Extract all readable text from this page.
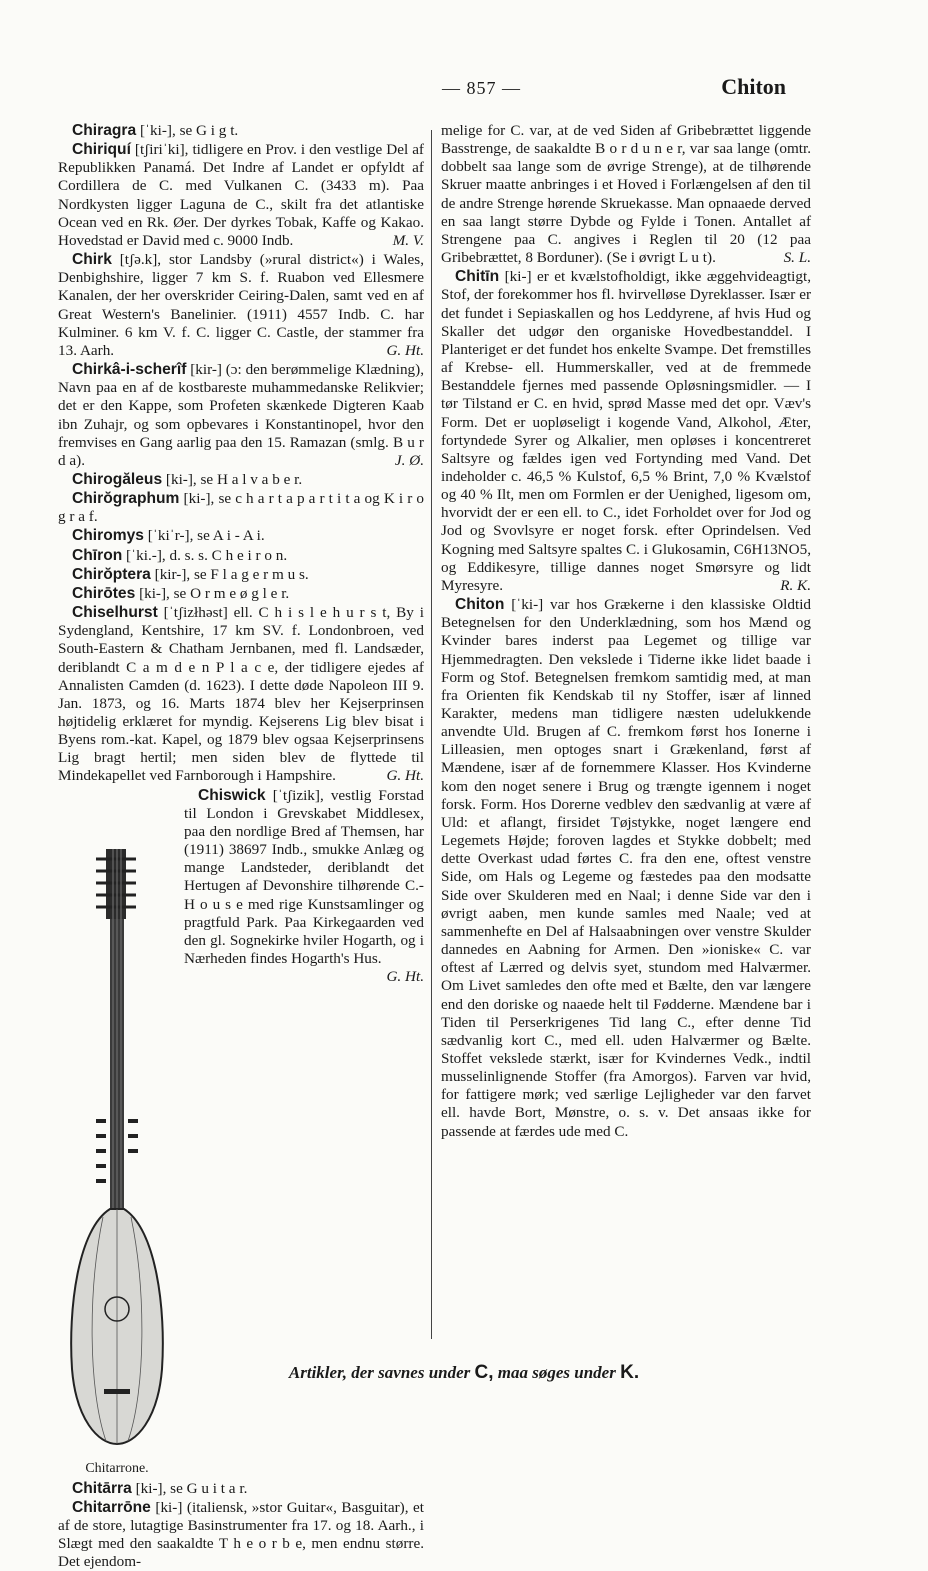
— 857 —	Chiton

Chiragra [ˈki-], se G i g t.

Chiriquí [tʃiriˈki], tidligere en Prov. i den vestlige Del af Republikken Panamá. Det Indre af Landet er opfyldt af Cordillera de C. med Vulkanen C. (3433 m). Paa Nordkysten ligger Laguna de C., skilt fra det atlantiske Ocean ved en Rk. Øer. Der dyrkes Tobak, Kaffe og Kakao. Hovedstad er David med c. 9000 Indb.	M. V.

Chirk [tʃə.k], stor Landsby (»rural district«) i Wales, Denbighshire, ligger 7 km S. f. Ruabon ved Ellesmere Kanalen, der her overskrider Ceiring-Dalen, samt ved en af Great Western's Banelinier. (1911) 4557 Indb. C. har Kulminer. 6 km V. f. C. ligger C. Castle, der stammer fra 13. Aarh.	G. Ht.

Chirkâ-i-scherîf [kir-] (ɔ: den berømmelige Klædning), Navn paa en af de kostbareste muhammedanske Relikvier; det er den Kappe, som Profeten skænkede Digteren Kaab ibn Zuhajr, og som opbevares i Konstantinopel, hvor den fremvises en Gang aarlig paa den 15. Ramazan (smlg. B u r d a).	J. Ø.

Chirogăleus [ki-], se H a l v a b e r.

Chirŏgraphum [ki-], se c h a r t a p a r t i t a og K i r o g r a f.

Chiromys [ˈkiˈr-], se A i - A i.

Chīron [ˈki.-], d. s. s. C h e i r o n.

Chirŏptera [kir-], se F l a g e r m u s.

Chirōtes [ki-], se O r m e ø g l e r.

Chiselhurst [ˈtʃizłhəst] ell. C h i s l e h u r s t, By i Sydengland, Kentshire, 17 km SV. f. Londonbroen, ved South-Eastern & Chatham Jernbanen, med fl. Landsæder, deriblandt C a m d e n P l a c e, der tidligere ejedes af Annalisten Camden (d. 1623). I dette døde Napoleon III 9. Jan. 1873, og 16. Marts 1874 blev her Kejserprinsen højtidelig erklæret for myndig. Kejserens Lig blev bisat i Byens rom.-kat. Kapel, og 1879 blev ogsaa Kejserprinsens Lig bragt hertil; men siden blev de flyttede til Mindekapellet ved Farnborough i Hampshire.	G. Ht.

Chitarrone.

Chiswick [ˈtʃizik], vestlig Forstad til London i Grevskabet Middlesex, paa den nordlige Bred af Themsen, har (1911) 38697 Indb., smukke Anlæg og mange Landsteder, deriblandt det Hertugen af Devonshire tilhørende C.-H o u s e med rige Kunstsamlinger og pragtfuld Park. Paa Kirkegaarden ved den gl. Sognekirke hviler Hogarth, og i Nærheden findes Hogarth's Hus.
G. Ht.

Chitārra [ki-], se G u i t a r.

Chitarrōne [ki-] (italiensk, »stor Guitar«, Basguitar), et af de store, lutagtige Basinstrumenter fra 17. og 18. Aarh., i Slægt med den saakaldte T h e o r b e, men endnu større. Det ejendom-

melige for C. var, at de ved Siden af Gribebrættet liggende Basstrenge, de saakaldte B o r d u n e r, var saa lange (omtr. dobbelt saa lange som de øvrige Strenge), at de tilhørende Skruer maatte anbringes i et Hoved i Forlængelsen af den til de andre Strenge hørende Skruekasse. Man opnaaede derved en saa langt større Dybde og Fylde i Tonen. Antallet af Strengene paa C. angives i Reglen til 20 (12 paa Gribebrættet, 8 Borduner). (Se i øvrigt L u t).	S. L.

Chitīn [ki-] er et kvælstofholdigt, ikke æggehvideagtigt, Stof, der forekommer hos fl. hvirvelløse Dyreklasser. Især er det fundet i Sepiaskallen og hos Leddyrene, af hvis Hud og Skaller det udgør den organiske Hovedbestanddel. I Planteriget er det fundet hos enkelte Svampe. Det fremstilles af Krebse- ell. Hummerskaller, ved at de fremmede Bestanddele fjernes med passende Opløsningsmidler. — I tør Tilstand er C. en hvid, sprød Masse med det opr. Væv's Form. Det er uopløseligt i kogende Vand, Alkohol, Æter, fortyndede Syrer og Alkalier, men opløses i koncentreret Saltsyre og fældes igen ved Fortynding med Vand. Det indeholder c. 46,5 % Kulstof, 6,5 % Brint, 7,0 % Kvælstof og 40 % Ilt, men om Formlen er der Uenighed, ligesom om, hvorvidt der er een ell. to C., idet Forholdet over for Jod og Jod og Svovlsyre er noget forsk. efter Oprindelsen. Ved Kogning med Saltsyre spaltes C. i Glukosamin, C6H13NO5, og Eddikesyre, tillige dannes noget Smørsyre og lidt Myresyre.	R. K.

Chiton [ˈki-] var hos Grækerne i den klassiske Oldtid Betegnelsen for den Underklædning, som hos Mænd og Kvinder bares inderst paa Legemet og tillige var Hjemmedragten. Den vekslede i Tiderne ikke lidet baade i Form og Stof. Betegnelsen fremkom samtidig med, at man fra Orienten fik Kendskab til ny Stoffer, især af linned Karakter, medens man tidligere næsten udelukkende anvendte Uld. Brugen af C. fremkom først hos Ionerne i Lilleasien, men optoges snart i Grækenland, først af Mændene, især af de fornemmere Klasser. Hos Kvinderne kom den noget senere i Brug og trængte igennem i noget forsk. Form. Hos Dorerne vedblev den sædvanlig at være af Uld: et aflangt, firsidet Tøjstykke, noget længere end Legemets Højde; foroven lagdes et Stykke dobbelt; med dette Overkast udad førtes C. fra den ene, oftest venstre Side, om Hals og Legeme og fæstedes paa den modsatte Side over Skulderen med en Naal; i denne Side var den i øvrigt aaben, men kunde samles med Naale; ved at sammenhefte en Del af Halsaabningen over venstre Skulder dannedes en Aabning for Armen. Den »ioniske« C. var oftest af Lærred og delvis syet, stundom med Halværmer. Om Livet samledes den ofte med et Bælte, den var længere end den doriske og naaede helt til Fødderne. Mændene bar i Tiden til Perserkrigenes Tid lang C., efter denne Tid sædvanlig kort C., med ell. uden Halværmer og Bælte. Stoffet vekslede stærkt, især for Kvindernes Vedk., indtil musselinlignende Stoffer (fra Amorgos). Farven var hvid, for fattigere mørk; ved særlige Lejligheder var den farvet ell. havde Bort, Mønstre, o. s. v. Det ansaas ikke for passende at færdes ude med C.

Artikler, der savnes under C, maa søges under K.
